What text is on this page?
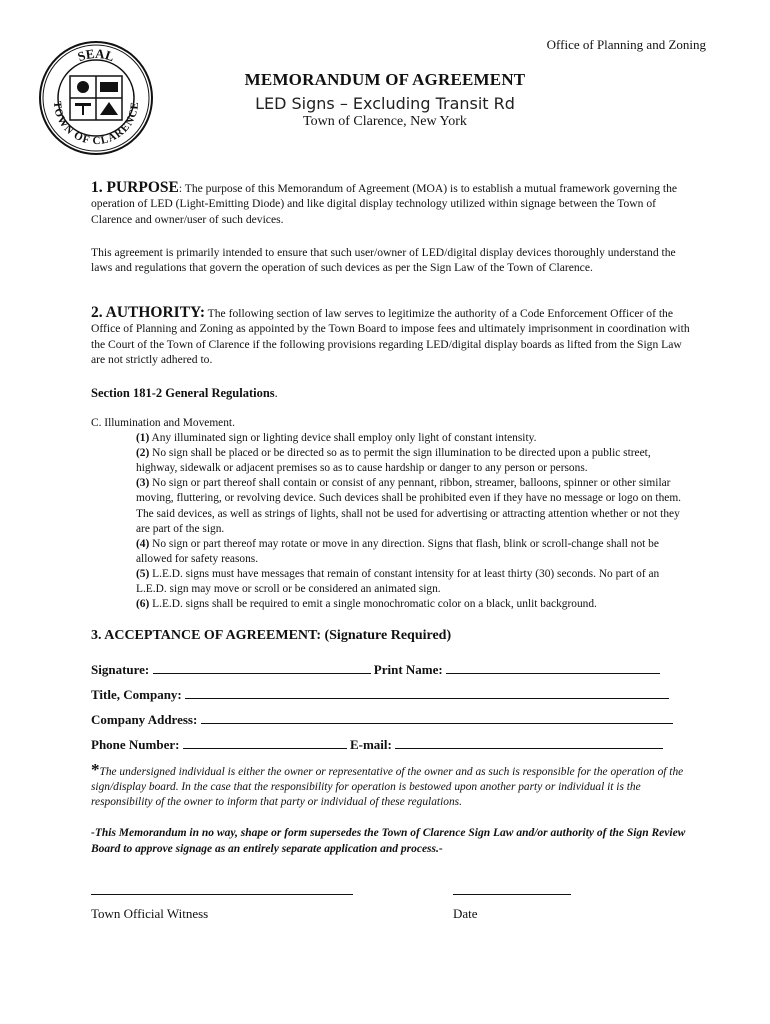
Office of Planning and Zoning
SEAL
TOWN OF CLARENCE
MEMORANDUM OF AGREEMENT
LED Signs – Excluding Transit Rd
Town of Clarence, New York
1. PURPOSE: The purpose of this Memorandum of Agreement (MOA) is to establish a mutual framework governing the operation of LED (Light-Emitting Diode) and like digital display technology utilized within signage between the Town of Clarence and owner/user of such devices.
This agreement is primarily intended to ensure that such user/owner of LED/digital display devices thoroughly understand the laws and regulations that govern the operation of such devices as per the Sign Law of the Town of Clarence.
2. AUTHORITY: The following section of law serves to legitimize the authority of a Code Enforcement Officer of the Office of Planning and Zoning as appointed by the Town Board to impose fees and ultimately imprisonment in coordination with the Court of the Town of Clarence if the following provisions regarding LED/digital display boards as lifted from the Sign Law are not strictly adhered to.
Section 181-2 General Regulations.
C. Illumination and Movement.
(1) Any illuminated sign or lighting device shall employ only light of constant intensity.
(2) No sign shall be placed or be directed so as to permit the sign illumination to be directed upon a public street, highway, sidewalk or adjacent premises so as to cause hardship or danger to any person or persons.
(3) No sign or part thereof shall contain or consist of any pennant, ribbon, streamer, balloons, spinner or other similar moving, fluttering, or revolving device. Such devices shall be prohibited even if they have no message or logo on them. The said devices, as well as strings of lights, shall not be used for advertising or attracting attention whether or not they are part of the sign.
(4) No sign or part thereof may rotate or move in any direction. Signs that flash, blink or scroll-change shall not be allowed for safety reasons.
(5) L.E.D. signs must have messages that remain of constant intensity for at least thirty (30) seconds. No part of an L.E.D. sign may move or scroll or be considered an animated sign.
(6) L.E.D. signs shall be required to emit a single monochromatic color on a black, unlit background.
3. ACCEPTANCE OF AGREEMENT: (Signature Required)
Signature:	Print Name:
Title, Company:
Company Address:
Phone Number:	E-mail:
*The undersigned individual is either the owner or representative of the owner and as such is responsible for the operation of the sign/display board. In the case that the responsibility for operation is bestowed upon another party or individual it is the responsibility of the owner to inform that party or individual of these regulations.
-This Memorandum in no way, shape or form supersedes the Town of Clarence Sign Law and/or authority of the Sign Review Board to approve signage as an entirely separate application and process.-
Town Official Witness	Date
